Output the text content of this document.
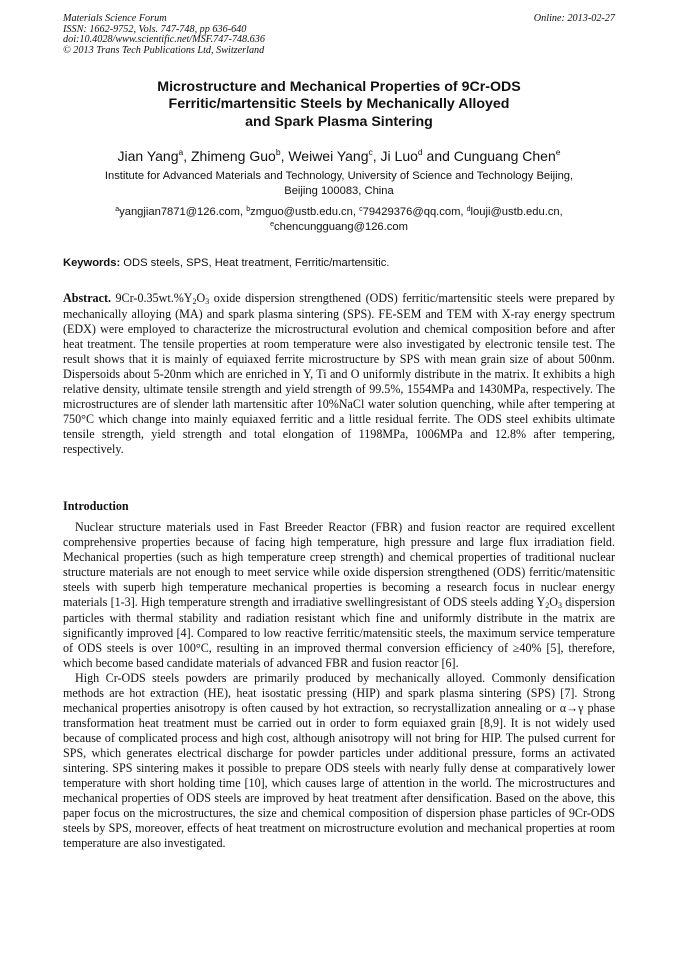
Materials Science Forum
ISSN: 1662-9752, Vols. 747-748, pp 636-640
doi:10.4028/www.scientific.net/MSF.747-748.636
© 2013 Trans Tech Publications Ltd, Switzerland
Online: 2013-02-27
Microstructure and Mechanical Properties of 9Cr-ODS
Ferritic/martensitic Steels by Mechanically Alloyed
and Spark Plasma Sintering
Jian Yang$^a$, Zhimeng Guo$^b$, Weiwei Yang$^c$, Ji Luo$^d$ and Cunguang Chen$^e$
Institute for Advanced Materials and Technology, University of Science and Technology Beijing,
Beijing 100083, China
$^a$yangjian7871@126.com, $^b$zmguo@ustb.edu.cn, $^c$79429376@qq.com, $^d$louji@ustb.edu.cn,
$^e$chencungguang@126.com
Keywords: ODS steels, SPS, Heat treatment, Ferritic/martensitic.

Abstract. 9Cr-0.35wt.%Y2O3 oxide dispersion strengthened (ODS) ferritic/martensitic steels were prepared by mechanically alloying (MA) and spark plasma sintering (SPS). FE-SEM and TEM with X-ray energy spectrum (EDX) were employed to characterize the microstructural evolution and chemical composition before and after heat treatment. The tensile properties at room temperature were also investigated by electronic tensile test. The result shows that it is mainly of equiaxed ferrite microstructure by SPS with mean grain size of about 500nm. Dispersoids about 5-20nm which are enriched in Y, Ti and O uniformly distribute in the matrix. It exhibits a high relative density, ultimate tensile strength and yield strength of 99.5%, 1554MPa and 1430MPa, respectively. The microstructures are of slender lath martensitic after 10%NaCl water solution quenching, while after tempering at 750°C which change into mainly equiaxed ferritic and a little residual ferrite. The ODS steel exhibits ultimate tensile strength, yield strength and total elongation of 1198MPa, 1006MPa and 12.8% after tempering, respectively.

Introduction

Nuclear structure materials used in Fast Breeder Reactor (FBR) and fusion reactor are required excellent comprehensive properties because of facing high temperature, high pressure and large flux irradiation field. Mechanical properties (such as high temperature creep strength) and chemical properties of traditional nuclear structure materials are not enough to meet service while oxide dispersion strengthened (ODS) ferritic/matensitic steels with superb high temperature mechanical properties is becoming a research focus in nuclear energy materials [1-3]. High temperature strength and irradiative swellingresistant of ODS steels adding Y2O3 dispersion particles with thermal stability and radiation resistant which fine and uniformly distribute in the matrix are significantly improved [4]. Compared to low reactive ferritic/matensitic steels, the maximum service temperature of ODS steels is over 100°C, resulting in an improved thermal conversion efficiency of ≥40% [5], therefore, which become based candidate materials of advanced FBR and fusion reactor [6].

High Cr-ODS steels powders are primarily produced by mechanically alloyed. Commonly densification methods are hot extraction (HE), heat isostatic pressing (HIP) and spark plasma sintering (SPS) [7]. Strong mechanical properties anisotropy is often caused by hot extraction, so recrystallization annealing or α→γ phase transformation heat treatment must be carried out in order to form equiaxed grain [8,9]. It is not widely used because of complicated process and high cost, although anisotropy will not bring for HIP. The pulsed current for SPS, which generates electrical discharge for powder particles under additional pressure, forms an activated sintering. SPS sintering makes it possible to prepare ODS steels with nearly fully dense at comparatively lower temperature with short holding time [10], which causes large of attention in the world. The microstructures and mechanical properties of ODS steels are improved by heat treatment after densification. Based on the above, this paper focus on the microstructures, the size and chemical composition of dispersion phase particles of 9Cr-ODS steels by SPS, moreover, effects of heat treatment on microstructure evolution and mechanical properties at room temperature are also investigated.
